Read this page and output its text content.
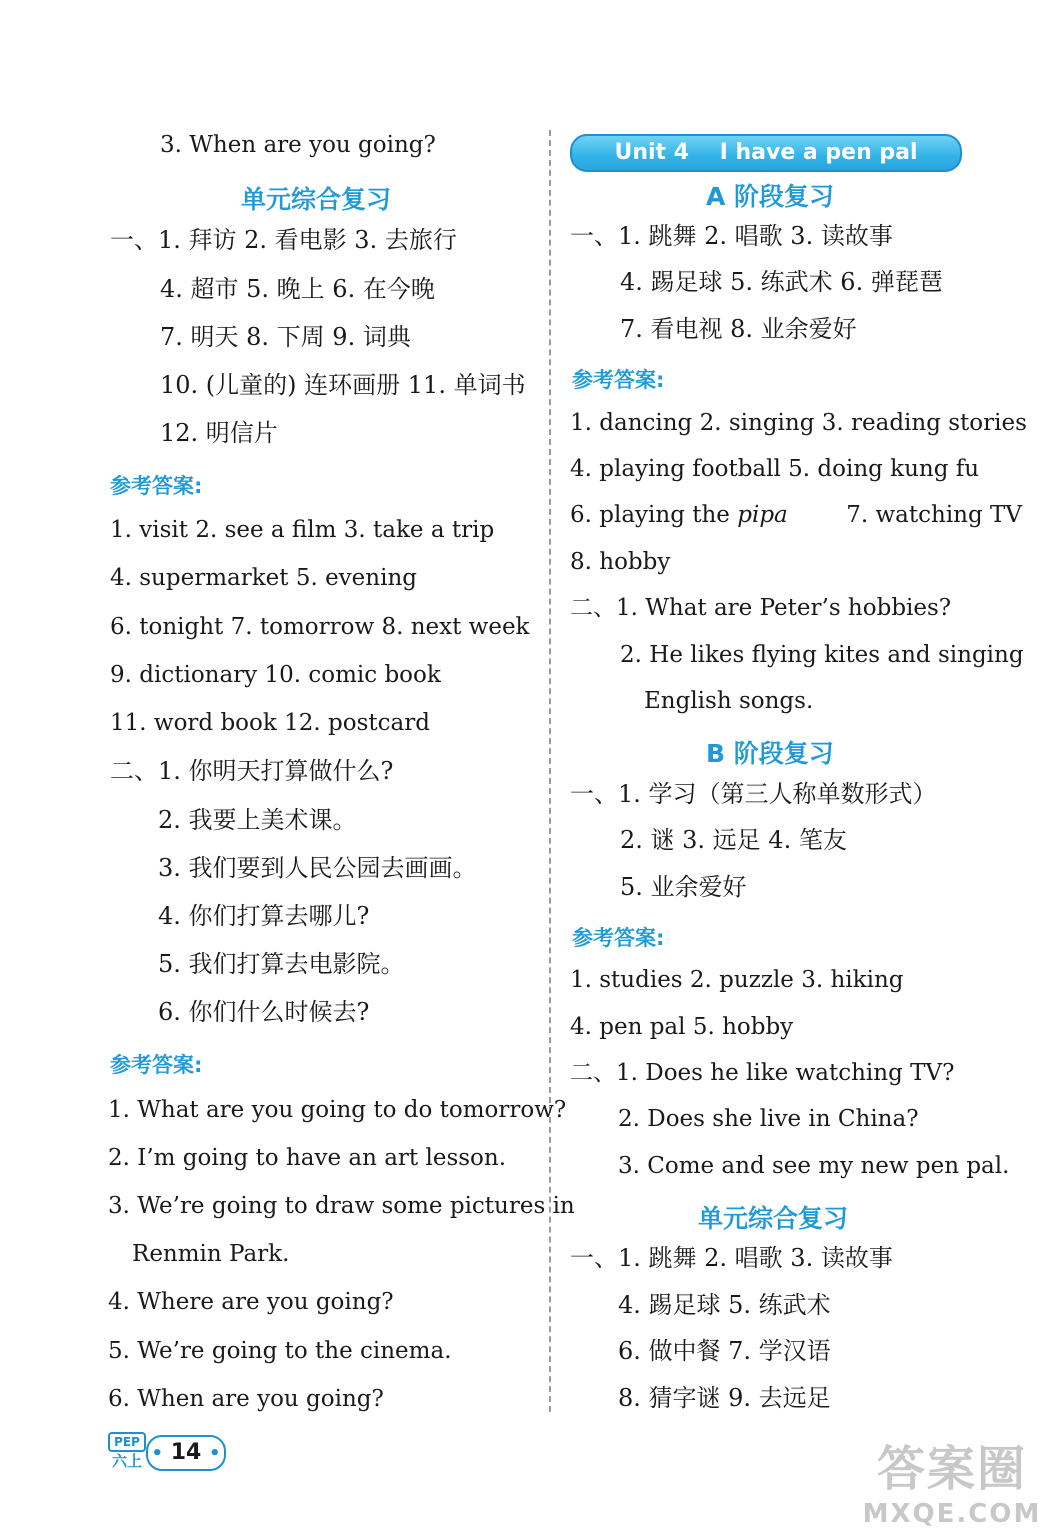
3. When are you going?
单元综合复习
一、1. 拜访 2. 看电影 3. 去旅行
4. 超市 5. 晚上 6. 在今晚
7. 明天 8. 下周 9. 词典
10. (儿童的) 连环画册 11. 单词书
12. 明信片
参考答案:
1. visit 2. see a film 3. take a trip
4. supermarket 5. evening
6. tonight 7. tomorrow 8. next week
9. dictionary 10. comic book
11. word book 12. postcard
二、1. 你明天打算做什么?
2. 我要上美术课。
3. 我们要到人民公园去画画。
4. 你们打算去哪儿?
5. 我们打算去电影院。
6. 你们什么时候去?
参考答案:
1. What are you going to do tomorrow?
2. I’m going to have an art lesson.
3. We’re going to draw some pictures in
Renmin Park.
4. Where are you going?
5. We’re going to the cinema.
6. When are you going?
Unit 4    I have a pen pal
A 阶段复习
一、1. 跳舞 2. 唱歌 3. 读故事
4. 踢足球 5. 练武术 6. 弹琵琶
7. 看电视 8. 业余爱好
参考答案:
1. dancing 2. singing 3. reading stories
4. playing football 5. doing kung fu
6. playing the pipa        7. watching TV
8. hobby
二、1. What are Peter’s hobbies?
2. He likes flying kites and singing
English songs.
B 阶段复习
一、1. 学习（第三人称单数形式）
2. 谜 3. 远足 4. 笔友
5. 业余爱好
参考答案:
1. studies 2. puzzle 3. hiking
4. pen pal 5. hobby
二、1. Does he like watching TV?
2. Does she live in China?
3. Come and see my new pen pal.
单元综合复习
一、1. 跳舞 2. 唱歌 3. 读故事
4. 踢足球 5. 练武术
6. 做中餐 7. 学汉语
8. 猜字谜 9. 去远足
PEP
六上 • 14 •	答案圈
MXQE.COM
